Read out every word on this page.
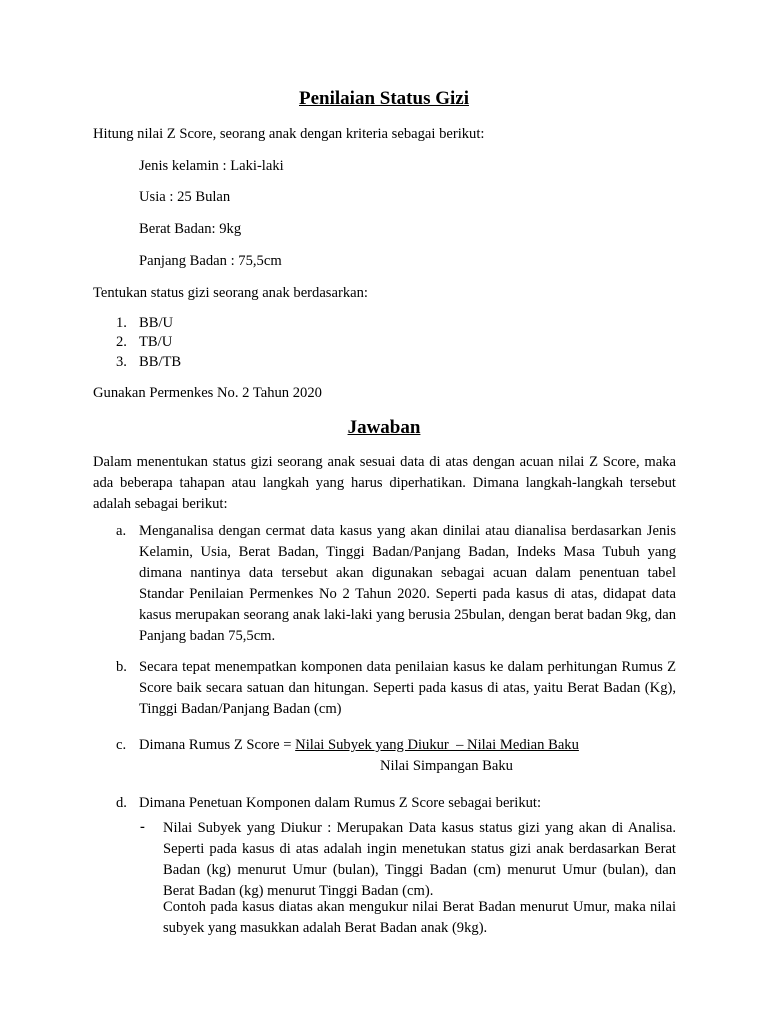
Penilaian Status Gizi

Hitung nilai Z Score, seorang anak dengan kriteria sebagai berikut:

Jenis kelamin : Laki-laki

Usia : 25 Bulan

Berat Badan: 9kg

Panjang Badan : 75,5cm

Tentukan status gizi seorang anak berdasarkan:

1. BB/U
2. TB/U
3. BB/TB

Gunakan Permenkes No. 2 Tahun 2020

Jawaban

Dalam menentukan status gizi seorang anak sesuai data di atas dengan acuan nilai Z Score, maka ada beberapa tahapan atau langkah yang harus diperhatikan. Dimana langkah-langkah tersebut adalah sebagai berikut:

a. Menganalisa dengan cermat data kasus yang akan dinilai atau dianalisa berdasarkan Jenis Kelamin, Usia, Berat Badan, Tinggi Badan/Panjang Badan, Indeks Masa Tubuh yang dimana nantinya data tersebut akan digunakan sebagai acuan dalam penentuan tabel Standar Penilaian Permenkes No 2 Tahun 2020. Seperti pada kasus di atas, didapat data kasus merupakan seorang anak laki-laki yang berusia 25bulan, dengan berat badan 9kg, dan Panjang badan 75,5cm.

b. Secara tepat menempatkan komponen data penilaian kasus ke dalam perhitungan Rumus Z Score baik secara satuan dan hitungan. Seperti pada kasus di atas, yaitu Berat Badan (Kg), Tinggi Badan/Panjang Badan (cm)

c. Dimana Rumus Z Score = Nilai Subyek yang Diukur  – Nilai Median Baku

Nilai Simpangan Baku

d. Dimana Penetuan Komponen dalam Rumus Z Score sebagai berikut:

- Nilai Subyek yang Diukur : Merupakan Data kasus status gizi yang akan di Analisa. Seperti pada kasus di atas adalah ingin menetukan status gizi anak berdasarkan Berat Badan (kg) menurut Umur (bulan), Tinggi Badan (cm) menurut Umur (bulan), dan Berat Badan (kg) menurut Tinggi Badan (cm).

Contoh pada kasus diatas akan mengukur nilai Berat Badan menurut Umur, maka nilai subyek yang masukkan adalah Berat Badan anak (9kg).
